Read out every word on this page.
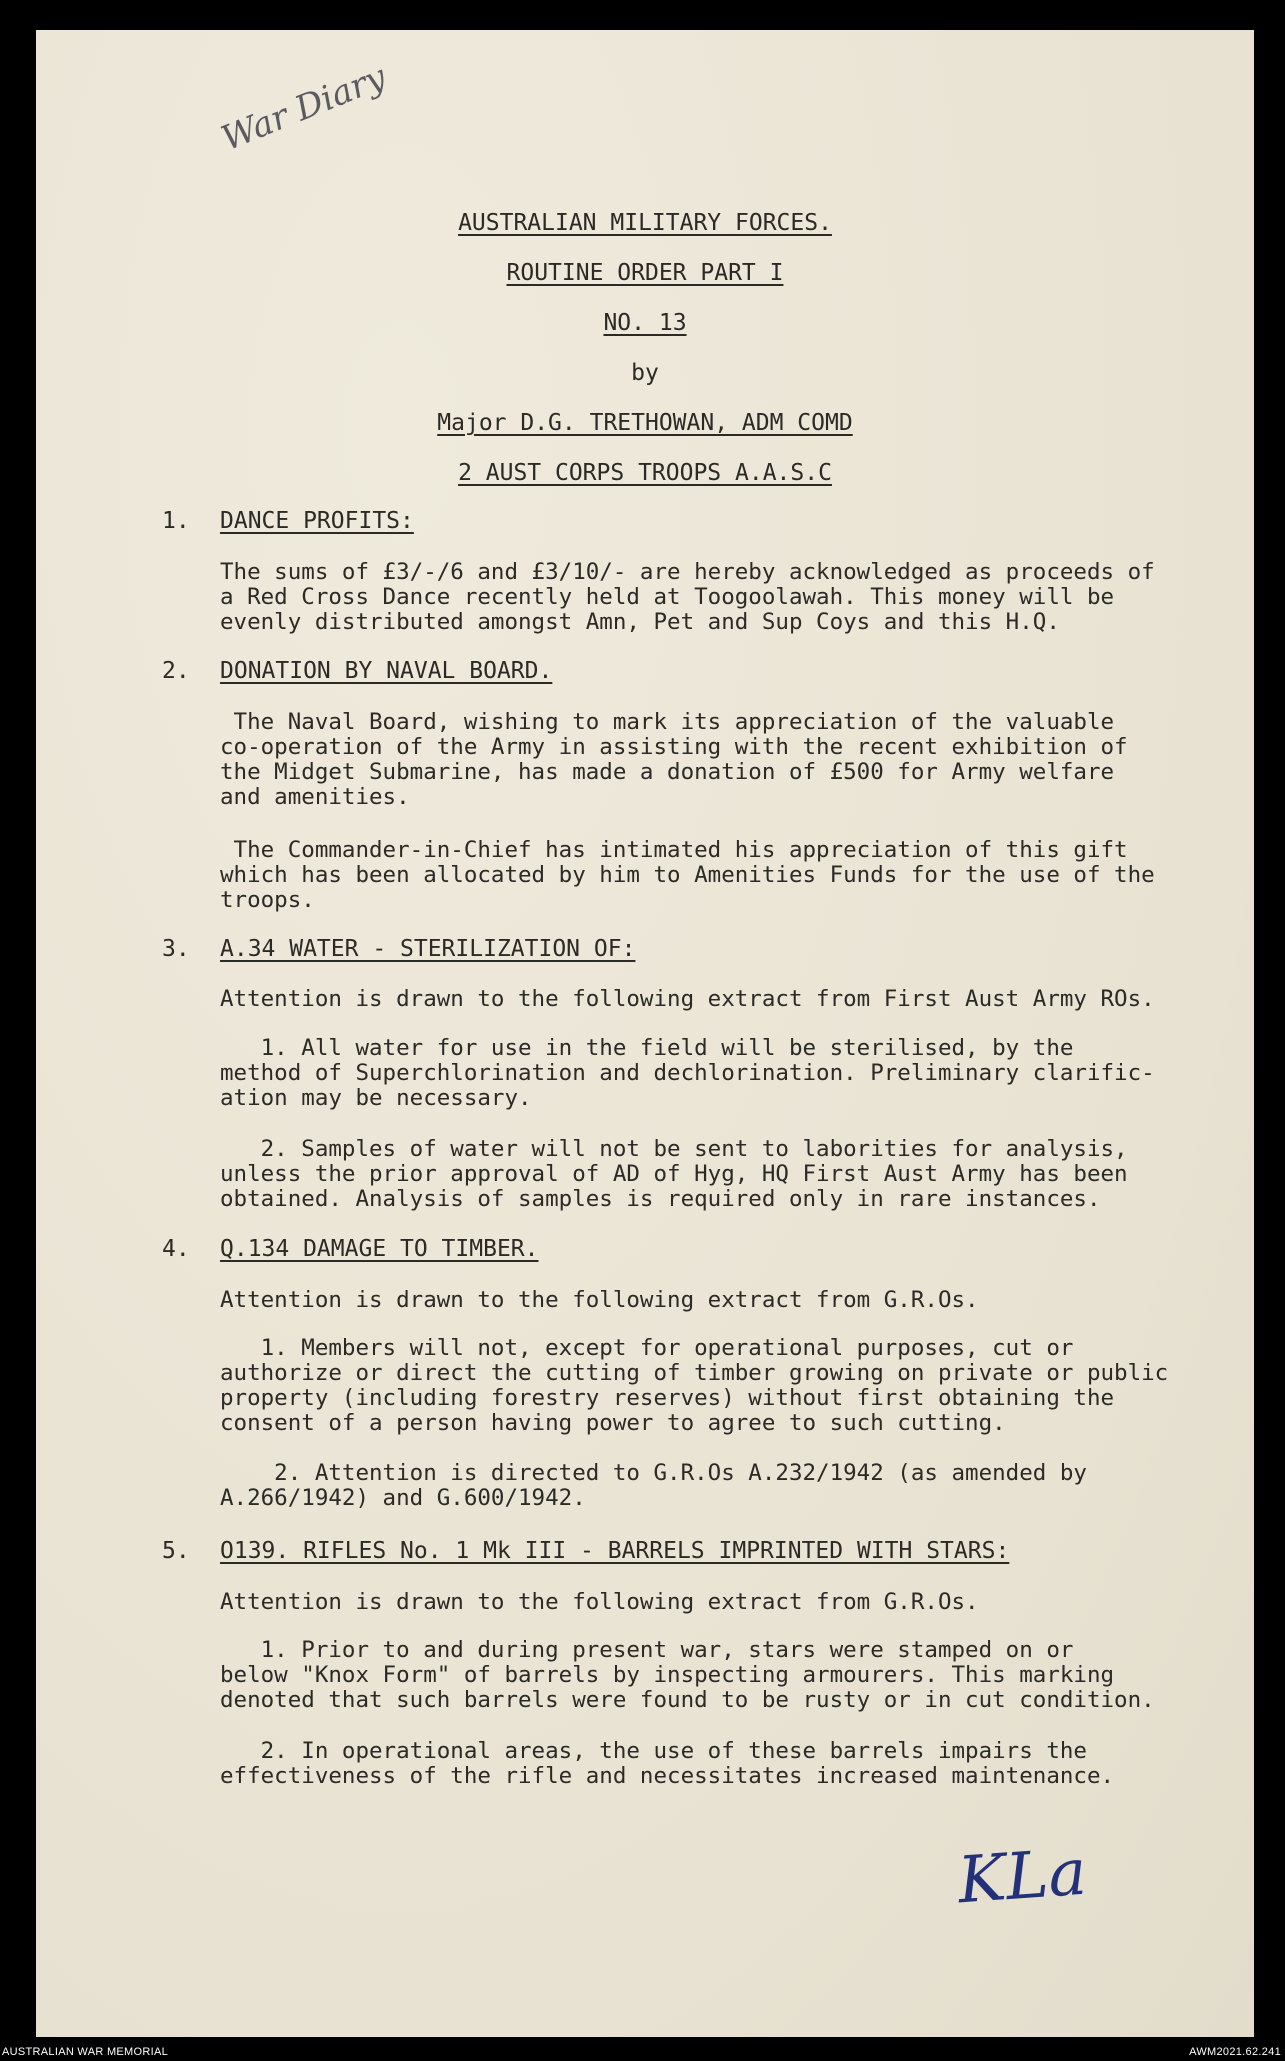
War Diary
AUSTRALIAN MILITARY FORCES.
ROUTINE ORDER PART I
NO. 13
by
Major D.G. TRETHOWAN, ADM COMD
2 AUST CORPS TROOPS A.A.S.C
1. DANCE PROFITS:
The sums of £3/-/6 and £3/10/- are hereby acknowledged as proceeds of
a Red Cross Dance recently held at Toogoolawah. This money will be
evenly distributed amongst Amn, Pet and Sup Coys and this H.Q.
2. DONATION BY NAVAL BOARD.
The Naval Board, wishing to mark its appreciation of the valuable
co-operation of the Army in assisting with the recent exhibition of
the Midget Submarine, has made a donation of £500 for Army welfare
and amenities.
The Commander-in-Chief has intimated his appreciation of this gift
which has been allocated by him to Amenities Funds for the use of the
troops.
3. A.34 WATER - STERILIZATION OF:
Attention is drawn to the following extract from First Aust Army ROs.
1. All water for use in the field will be sterilised, by the
method of Superchlorination and dechlorination. Preliminary clarific-
ation may be necessary.
2. Samples of water will not be sent to laborities for analysis,
unless the prior approval of AD of Hyg, HQ First Aust Army has been
obtained. Analysis of samples is required only in rare instances.
4. Q.134 DAMAGE TO TIMBER.
Attention is drawn to the following extract from G.R.Os.
1. Members will not, except for operational purposes, cut or
authorize or direct the cutting of timber growing on private or public
property (including forestry reserves) without first obtaining the
consent of a person having power to agree to such cutting.
2. Attention is directed to G.R.Os A.232/1942 (as amended by
A.266/1942) and G.600/1942.
5. O139. RIFLES No. 1 Mk III - BARRELS IMPRINTED WITH STARS:
Attention is drawn to the following extract from G.R.Os.
1. Prior to and during present war, stars were stamped on or
below "Knox Form" of barrels by inspecting armourers. This marking
denoted that such barrels were found to be rusty or in cut condition.
2. In operational areas, the use of these barrels impairs the
effectiveness of the rifle and necessitates increased maintenance.
KLa
AUSTRALIAN WAR MEMORIAL	AWM2021.62.241
